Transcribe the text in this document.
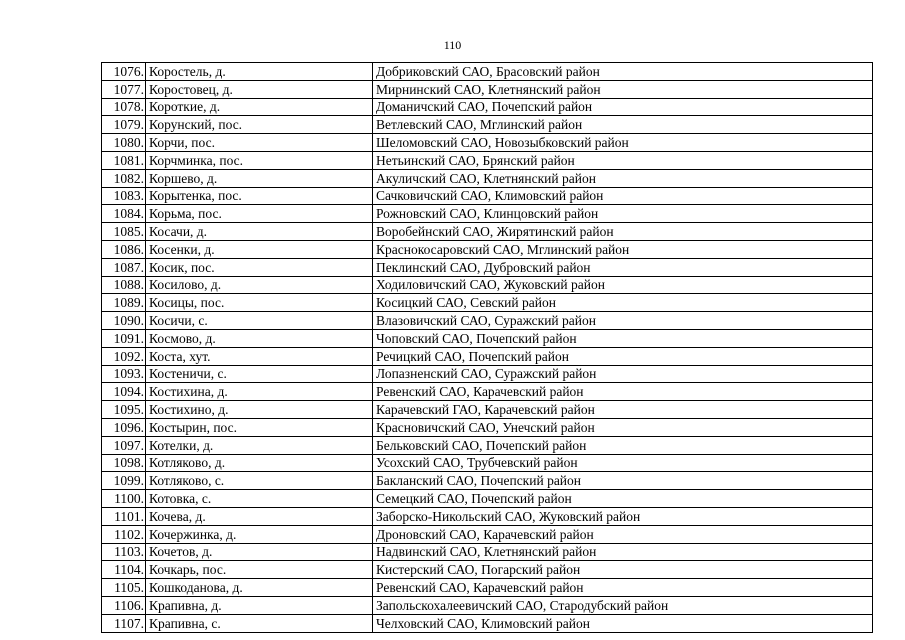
110
1076.	Коростель, д.	Добриковский САО, Брасовский район
1077.	Коростовец, д.	Мирнинский САО, Клетнянский район
1078.	Короткие, д.	Доманичский САО, Почепский район
1079.	Корунский, пос.	Ветлевский САО, Мглинский район
1080.	Корчи, пос.	Шеломовский САО, Новозыбковский район
1081.	Корчминка, пос.	Нетьинский САО, Брянский район
1082.	Коршево, д.	Акуличский САО, Клетнянский район
1083.	Корытенка, пос.	Сачковичский САО, Климовский район
1084.	Корьма, пос.	Рожновский САО, Клинцовский район
1085.	Косачи, д.	Воробейнский САО, Жирятинский район
1086.	Косенки, д.	Краснокосаровский САО, Мглинский район
1087.	Косик, пос.	Пеклинский САО, Дубровский район
1088.	Косилово, д.	Ходиловичский САО, Жуковский район
1089.	Косицы, пос.	Косицкий САО, Севский район
1090.	Косичи, с.	Влазовичский САО, Суражский район
1091.	Космово, д.	Чоповский САО, Почепский район
1092.	Коста, хут.	Речицкий САО, Почепский район
1093.	Костеничи, с.	Лопазненский САО, Суражский район
1094.	Костихина, д.	Ревенский САО, Карачевский район
1095.	Костихино, д.	Карачевский ГАО, Карачевский район
1096.	Костырин, пос.	Красновичский САО, Унечский район
1097.	Котелки, д.	Бельковский САО, Почепский район
1098.	Котляково, д.	Усохский САО, Трубчевский район
1099.	Котляково, с.	Бакланский САО, Почепский район
1100.	Котовка, с.	Семецкий САО, Почепский район
1101.	Кочева, д.	Заборско-Никольский САО, Жуковский район
1102.	Кочержинка, д.	Дроновский САО, Карачевский район
1103.	Кочетов, д.	Надвинский САО, Клетнянский район
1104.	Кочкарь, пос.	Кистерский САО, Погарский район
1105.	Кошкоданова, д.	Ревенский САО, Карачевский район
1106.	Крапивна, д.	Запольскохалеевичский САО, Стародубский район
1107.	Крапивна, с.	Челховский САО, Климовский район
